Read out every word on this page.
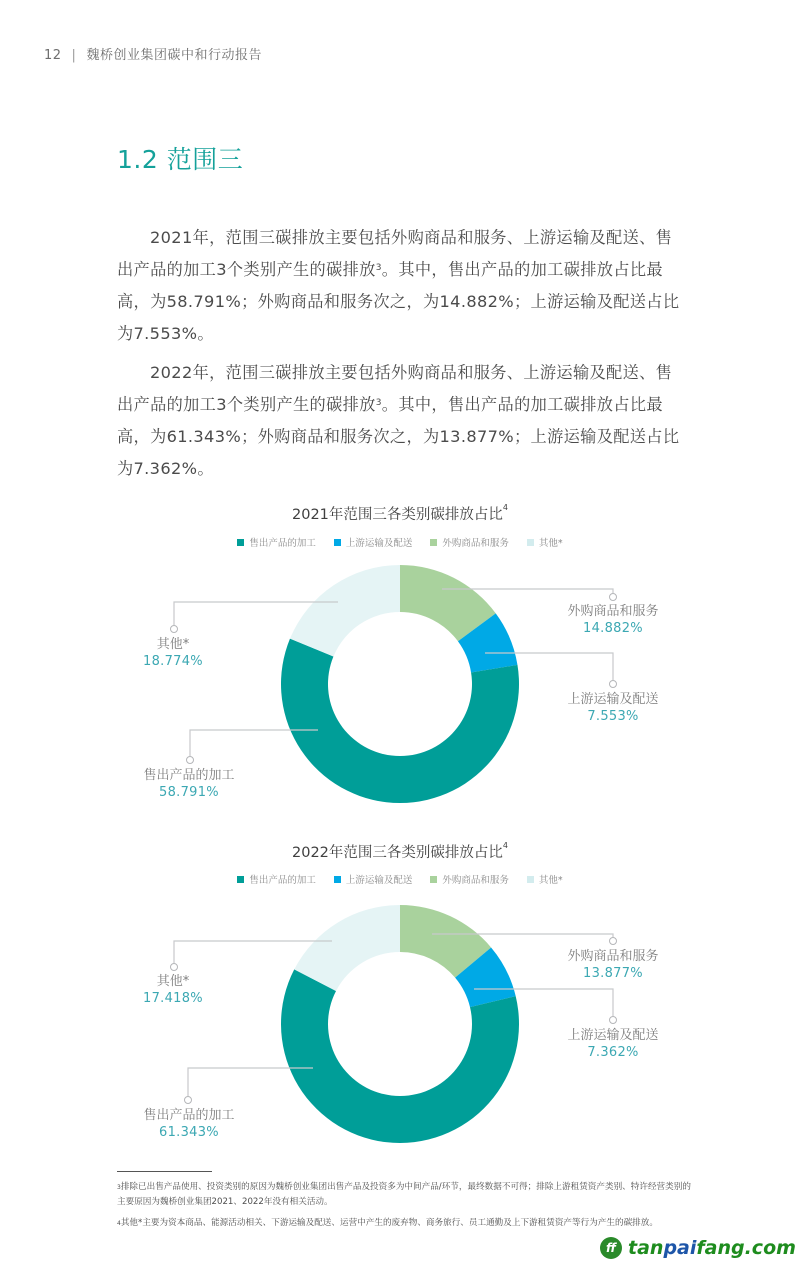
12 | 魏桥创业集团碳中和行动报告
1.2 范围三

2021年，范围三碳排放主要包括外购商品和服务、上游运输及配送、售出产品的加工3个类别产生的碳排放$^3$。其中，售出产品的加工碳排放占比最高，为58.791%；外购商品和服务次之，为14.882%；上游运输及配送占比为7.553%。

2022年，范围三碳排放主要包括外购商品和服务、上游运输及配送、售出产品的加工3个类别产生的碳排放$^3$。其中，售出产品的加工碳排放占比最高，为61.343%；外购商品和服务次之，为13.877%；上游运输及配送占比为7.362%。

2021年范围三各类别碳排放占比$^4$
售出产品的加工	上游运输及配送	外购商品和服务	其他*
外购商品和服务
14.882%
上游运输及配送
7.553%
售出产品的加工
58.791%
其他*
18.774%
2022年范围三各类别碳排放占比$^4$
售出产品的加工	上游运输及配送	外购商品和服务	其他*
外购商品和服务
13.877%
上游运输及配送
7.362%
售出产品的加工
61.343%
其他*
17.418%
$^3$排除已出售产品使用、投资类别的原因为魏桥创业集团出售产品及投资多为中间产品/环节，最终数据不可得；排除上游租赁资产类别、特许经营类别的主要原因为魏桥创业集团2021、2022年没有相关活动。
$^4$其他*主要为资本商品、能源活动相关、下游运输及配送、运营中产生的废弃物、商务旅行、员工通勤及上下游租赁资产等行为产生的碳排放。
ff tanpaifang.com
